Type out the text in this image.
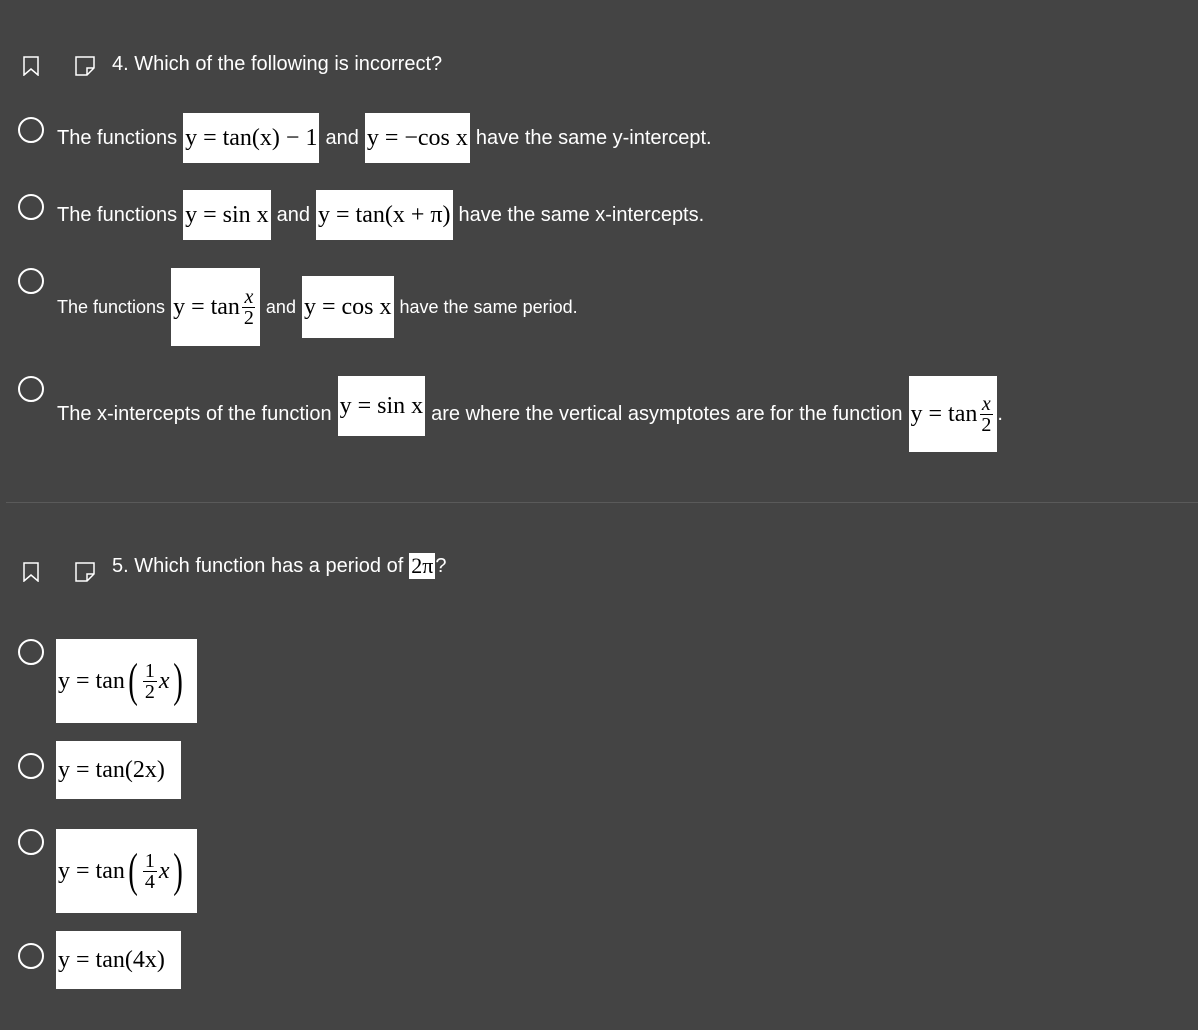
4. Which of the following is incorrect?
The functions y = tan(x) − 1 and y = −cos x have the same y-intercept.
The functions y = sin x and y = tan(x + π) have the same x-intercepts.
The functions $y = \tan \frac{x}{2}$ and y = cos x have the same period.
The x-intercepts of the function y = sin x are where the vertical asymptotes are for the function $y = \tan \frac{x}{2}$ .
5. Which function has a period of 2π ?
y = tan ( $\frac{1}{2}$ x )
y = tan(2x)
y = tan ( $\frac{1}{4}$ x )
y = tan(4x)
